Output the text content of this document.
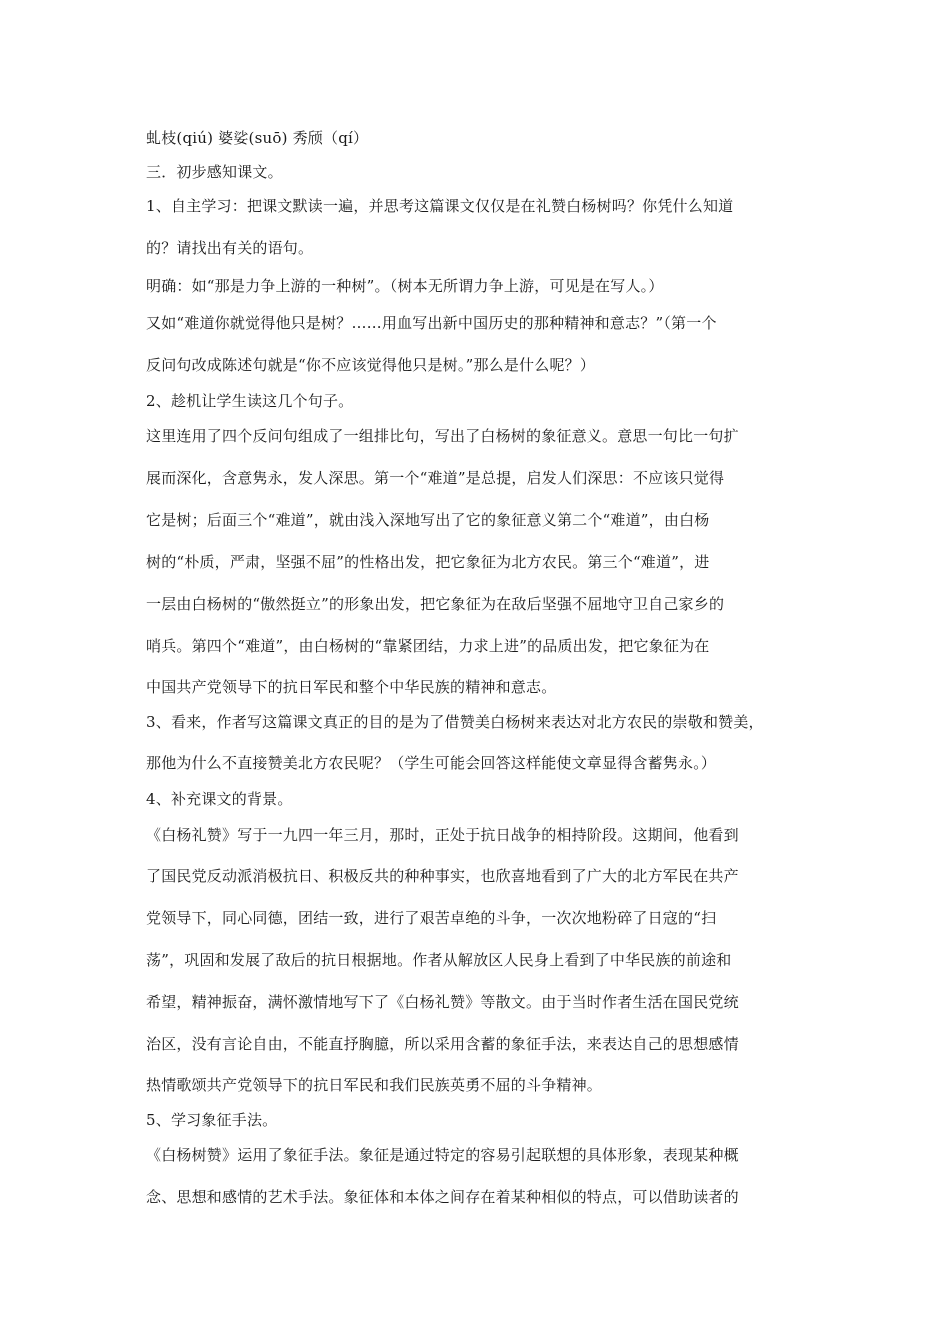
虬枝(qiú) 婆娑(suō) 秀颀（qí）
三．初步感知课文。
1、自主学习：把课文默读一遍，并思考这篇课文仅仅是在礼赞白杨树吗？你凭什么知道
的？请找出有关的语句。
明确：如“那是力争上游的一种树”。（树本无所谓力争上游，可见是在写人。）
又如“难道你就觉得他只是树？……用血写出新中国历史的那种精神和意志？”（第一个
反问句改成陈述句就是“你不应该觉得他只是树。”那么是什么呢？）
2、趁机让学生读这几个句子。
这里连用了四个反问句组成了一组排比句，写出了白杨树的象征意义。意思一句比一句扩
展而深化，含意隽永，发人深思。第一个“难道”是总提，启发人们深思：不应该只觉得
它是树；后面三个“难道”，就由浅入深地写出了它的象征意义第二个“难道”，由白杨
树的“朴质，严肃，坚强不屈”的性格出发，把它象征为北方农民。第三个“难道”，进
一层由白杨树的“傲然挺立”的形象出发，把它象征为在敌后坚强不屈地守卫自己家乡的
哨兵。第四个“难道”，由白杨树的“靠紧团结，力求上进”的品质出发，把它象征为在
中国共产党领导下的抗日军民和整个中华民族的精神和意志。
3、看来，作者写这篇课文真正的目的是为了借赞美白杨树来表达对北方农民的崇敬和赞美，
那他为什么不直接赞美北方农民呢？（学生可能会回答这样能使文章显得含蓄隽永。）
4、补充课文的背景。
《白杨礼赞》写于一九四一年三月，那时，正处于抗日战争的相持阶段。这期间，他看到
了国民党反动派消极抗日、积极反共的种种事实，也欣喜地看到了广大的北方军民在共产
党领导下，同心同德，团结一致，进行了艰苦卓绝的斗争，一次次地粉碎了日寇的“扫
荡”，巩固和发展了敌后的抗日根据地。作者从解放区人民身上看到了中华民族的前途和
希望，精神振奋，满怀激情地写下了《白杨礼赞》等散文。由于当时作者生活在国民党统
治区，没有言论自由，不能直抒胸臆，所以采用含蓄的象征手法，来表达自己的思想感情
热情歌颂共产党领导下的抗日军民和我们民族英勇不屈的斗争精神。
5、学习象征手法。
《白杨树赞》运用了象征手法。象征是通过特定的容易引起联想的具体形象，表现某种概
念、思想和感情的艺术手法。象征体和本体之间存在着某种相似的特点，可以借助读者的
